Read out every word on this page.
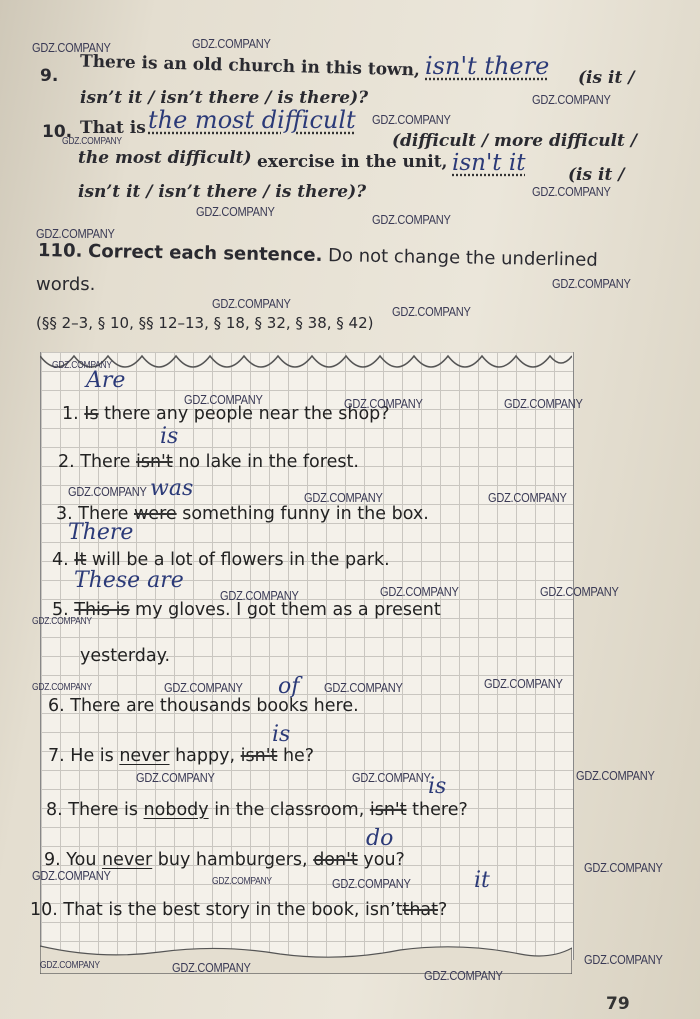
9. There is an old church in this town, isn't there (is it /
isn’t it / isn’t there / is there)?
10. That is the most difficult
(difficult / more difficult /
the most difficult) exercise in the unit, isn't it	(is it /
isn’t it / isn’t there / is there)?
110. Correct each sentence. Do not change the underlined
words.
(§§ 2–3, § 10, §§ 12–13, § 18, § 32, § 38, § 42)
Are
1. Is there any people near the shop?
is
2. There isn't no lake in the forest.
was
3. There were something funny in the box.
There
4. It will be a lot of flowers in the park.
These are
5. This is my gloves. I got them as a present
yesterday.
of
6. There are thousands books here.
is
7. He is never happy, isn't he?
is
8. There is nobody in the classroom, isn't there?
do
9. You never buy hamburgers, don't you?
it
10. That is the best story in the book, isn’tthat?
GDZ.COMPANY	GDZ.COMPANY
GDZ.COMPANY
GDZ.COMPANY
GDZ.COMPANY
GDZ.COMPANY
GDZ.COMPANY
GDZ.COMPANY
GDZ.COMPANY
GDZ.COMPANY
GDZ.COMPANY
GDZ.COMPANY
GDZ.COMPANY
GDZ.COMPANY	GDZ.COMPANY	GDZ.COMPANY
GDZ.COMPANY	GDZ.COMPANY	GDZ.COMPANY
GDZ.COMPANY	GDZ.COMPANY	GDZ.COMPANY
GDZ.COMPANY
GDZ.COMPANY	GDZ.COMPANY	GDZ.COMPANY	GDZ.COMPANY
GDZ.COMPANY	GDZ.COMPANY	GDZ.COMPANY
GDZ.COMPANY	GDZ.COMPANY	GDZ.COMPANY
GDZ.COMPANY
GDZ.COMPANY	GDZ.COMPANY
GDZ.COMPANY
GDZ.COMPANY
79
